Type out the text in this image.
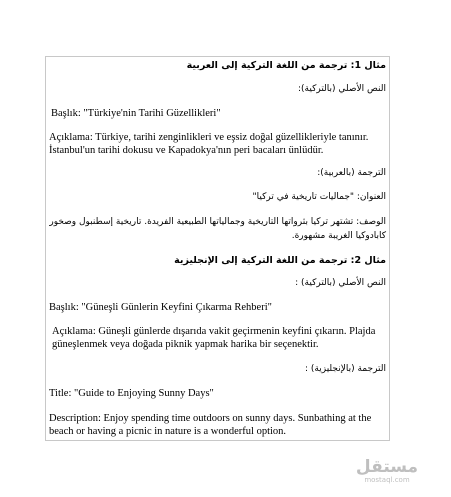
مثال 1: ترجمة من اللغة التركية إلى العربية
النص الأصلي (بالتركية):
Başlık: "Türkiye'nin Tarihi Güzellikleri"
Açıklama: Türkiye, tarihi zenginlikleri ve eşsiz doğal güzellikleriyle tanınır. İstanbul'un tarihi dokusu ve Kapadokya'nın peri bacaları ünlüdür.
الترجمة (بالعربية):
العنوان: "جماليات تاريخية في تركيا"
الوصف: تشتهر تركيا بثرواتها التاريخية وجمالياتها الطبيعية الفريدة. تاريخية إسطنبول وصخور كابادوكيا الغريبة مشهورة.
مثال 2: ترجمة من اللغة التركية إلى الإنجليزية
النص الأصلي (بالتركية) :
Başlık: "Güneşli Günlerin Keyfini Çıkarma Rehberi"
Açıklama: Güneşli günlerde dışarıda vakit geçirmenin keyfini çıkarın. Plajda güneşlenmek veya doğada piknik yapmak harika bir seçenektir.
الترجمة (بالإنجليزية) :
Title: "Guide to Enjoying Sunny Days"
Description: Enjoy spending time outdoors on sunny days. Sunbathing at the beach or having a picnic in nature is a wonderful option.
مستقل
mostaql.com
